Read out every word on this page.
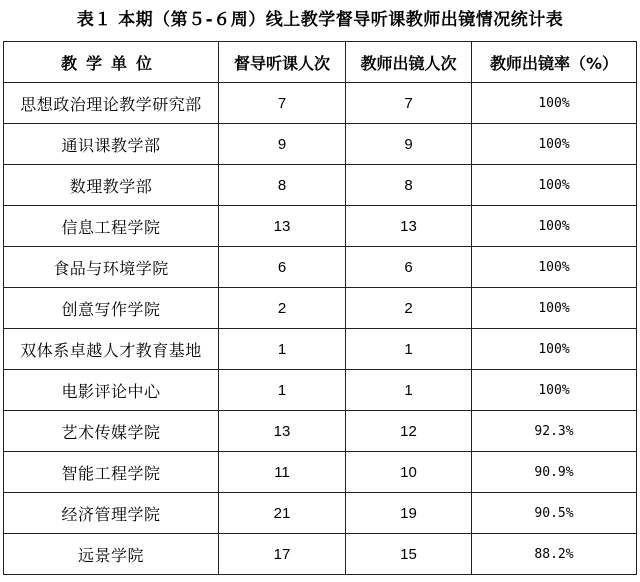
表１ 本期（第５-６周）线上教学督导听课教师出镜情况统计表
教学单位	督导听课人次	教师出镜人次	教师出镜率（%）
思想政治理论教学研究部	7	7	100%
通识课教学部	9	9	100%
数理教学部	8	8	100%
信息工程学院	13	13	100%
食品与环境学院	6	6	100%
创意写作学院	2	2	100%
双体系卓越人才教育基地	1	1	100%
电影评论中心	1	1	100%
艺术传媒学院	13	12	92.3%
智能工程学院	11	10	90.9%
经济管理学院	21	19	90.5%
远景学院	17	15	88.2%
